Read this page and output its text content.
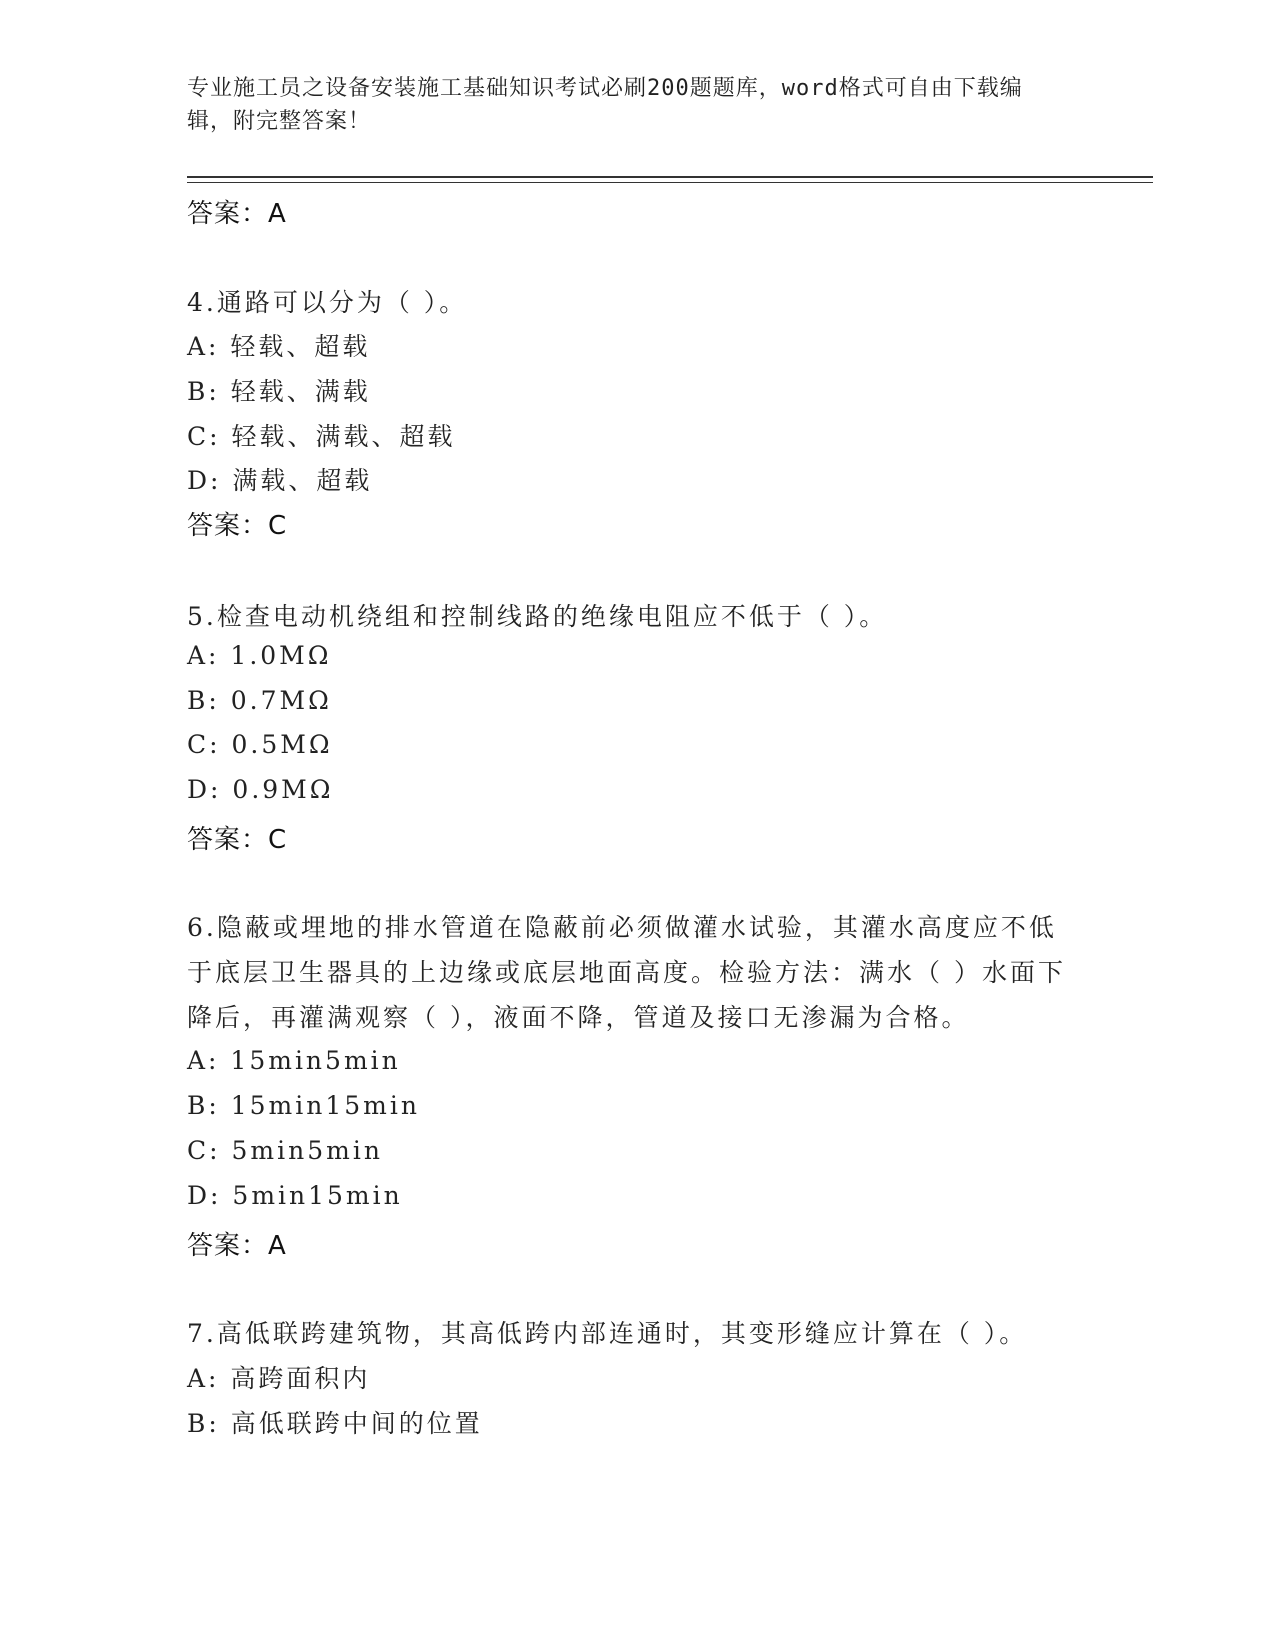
专业施工员之设备安装施工基础知识考试必刷200题题库，word格式可自由下载编辑，附完整答案！
答案：A
4.通路可以分为（ ）。
A: 轻载、超载
B: 轻载、满载
C: 轻载、满载、超载
D: 满载、超载
答案：C
5.检查电动机绕组和控制线路的绝缘电阻应不低于（ ）。
A: 1.0MΩ
B: 0.7MΩ
C: 0.5MΩ
D: 0.9MΩ
答案：C
6.隐蔽或埋地的排水管道在隐蔽前必须做灌水试验，其灌水高度应不低于底层卫生器具的上边缘或底层地面高度。检验方法：满水（ ）水面下降后，再灌满观察（ ），液面不降，管道及接口无渗漏为合格。
A: 15min5min
B: 15min15min
C: 5min5min
D: 5min15min
答案：A
7.高低联跨建筑物，其高低跨内部连通时，其变形缝应计算在（ ）。
A: 高跨面积内
B: 高低联跨中间的位置
